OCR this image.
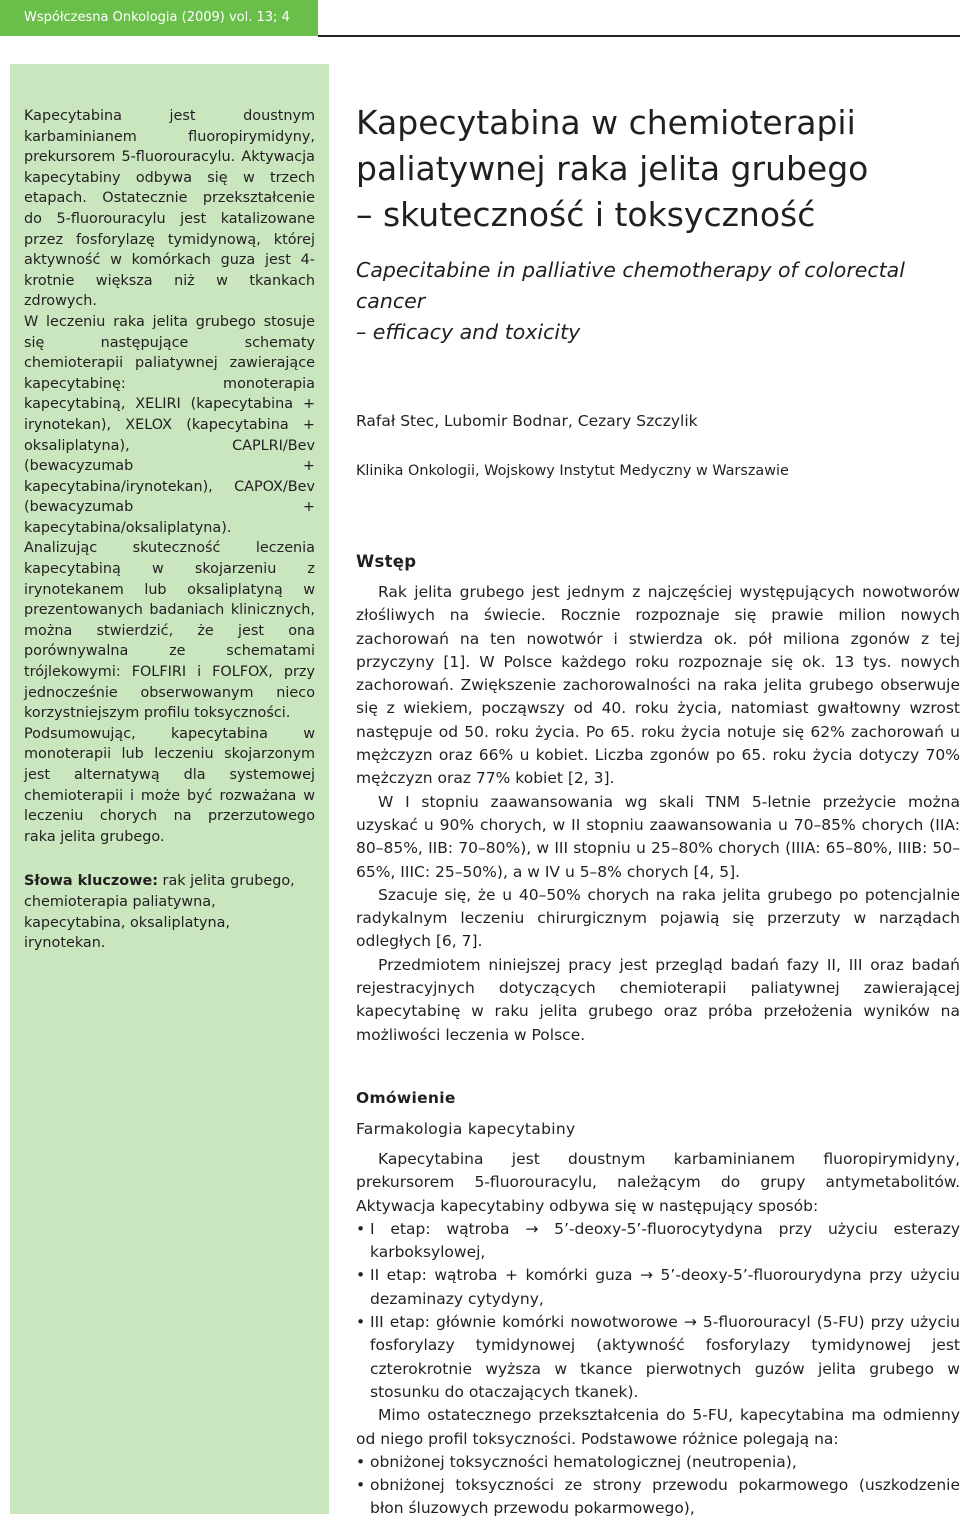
Współczesna Onkologia (2009) vol. 13; 4 (167–176)

Kapecytabina jest doustnym karbaminianem fluoropirymidyny, prekursorem 5-fluorouracylu. Aktywacja kapecytabiny odbywa się w trzech etapach. Ostatecznie przekształcenie do 5-fluorouracylu jest katalizowane przez fosforylazę tymidynową, której aktywność w komórkach guza jest 4-krotnie większa niż w tkankach zdrowych.

W leczeniu raka jelita grubego stosuje się następujące schematy chemioterapii paliatywnej zawierające kapecytabinę: monoterapia kapecytabiną, XELIRI (kapecytabina + irynotekan), XELOX (kapecytabina + oksaliplatyna), CAPLRI/Bev (bewacyzumab + kapecytabina/irynotekan), CAPOX/Bev (bewacyzumab + kapecytabina/oksaliplatyna).

Analizując skuteczność leczenia kapecytabiną w skojarzeniu z irynotekanem lub oksaliplatyną w prezentowanych badaniach klinicznych, można stwierdzić, że jest ona porównywalna ze schematami trójlekowymi: FOLFIRI i FOLFOX, przy jednocześnie obserwowanym nieco korzystniejszym profilu toksyczności.

Podsumowując, kapecytabina w monoterapii lub leczeniu skojarzonym jest alternatywą dla systemowej chemioterapii i może być rozważana w leczeniu chorych na przerzutowego raka jelita grubego.

Słowa kluczowe: rak jelita grubego, chemioterapia paliatywna, kapecytabina, oksaliplatyna, irynotekan.
Kapecytabina w chemioterapii
paliatywnej raka jelita grubego
– skuteczność i toksyczność
Capecitabine in palliative chemotherapy of colorectal cancer
– efficacy and toxicity
Rafał Stec, Lubomir Bodnar, Cezary Szczylik
Klinika Onkologii, Wojskowy Instytut Medyczny w Warszawie
Wstęp

Rak jelita grubego jest jednym z najczęściej występujących nowotworów złośliwych na świecie. Rocznie rozpoznaje się prawie milion nowych zachorowań na ten nowotwór i stwierdza ok. pół miliona zgonów z tej przyczyny [1]. W Polsce każdego roku rozpoznaje się ok. 13 tys. nowych zachorowań. Zwiększenie zachorowalności na raka jelita grubego obserwuje się z wiekiem, począwszy od 40. roku życia, natomiast gwałtowny wzrost następuje od 50. roku życia. Po 65. roku życia notuje się 62% zachorowań u mężczyzn oraz 66% u kobiet. Liczba zgonów po 65. roku życia dotyczy 70% mężczyzn oraz 77% kobiet [2, 3].

W I stopniu zaawansowania wg skali TNM 5-letnie przeżycie można uzyskać u 90% chorych, w II stopniu zaawansowania u 70–85% chorych (IIA: 80–85%, IIB: 70–80%), w III stopniu u 25–80% chorych (IIIA: 65–80%, IIIB: 50–65%, IIIC: 25–50%), a w IV u 5–8% chorych [4, 5].

Szacuje się, że u 40–50% chorych na raka jelita grubego po potencjalnie radykalnym leczeniu chirurgicznym pojawią się przerzuty w narządach odległych [6, 7].

Przedmiotem niniejszej pracy jest przegląd badań fazy II, III oraz badań rejestracyjnych dotyczących chemioterapii paliatywnej zawierającej kapecytabinę w raku jelita grubego oraz próba przełożenia wyników na możliwości leczenia w Polsce.

Omówienie
Farmakologia kapecytabiny

Kapecytabina jest doustnym karbaminianem fluoropirymidyny, prekursorem 5-fluorouracylu, należącym do grupy antymetabolitów. Aktywacja kapecytabiny odbywa się w następujący sposób:

• I etap: wątroba → 5’-deoxy-5’-fluorocytydyna przy użyciu esterazy karboksylowej,
• II etap: wątroba + komórki guza → 5’-deoxy-5’-fluorourydyna przy użyciu dezaminazy cytydyny,
• III etap: głównie komórki nowotworowe → 5-fluorouracyl (5-FU) przy użyciu fosforylazy tymidynowej (aktywność fosforylazy tymidynowej jest czterokrotnie wyższa w tkance pierwotnych guzów jelita grubego w stosunku do otaczających tkanek).

Mimo ostatecznego przekształcenia do 5-FU, kapecytabina ma odmienny od niego profil toksyczności. Podstawowe różnice polegają na:

• obniżonej toksyczności hematologicznej (neutropenia),
• obniżonej toksyczności ze strony przewodu pokarmowego (uszkodzenie błon śluzowych przewodu pokarmowego),
